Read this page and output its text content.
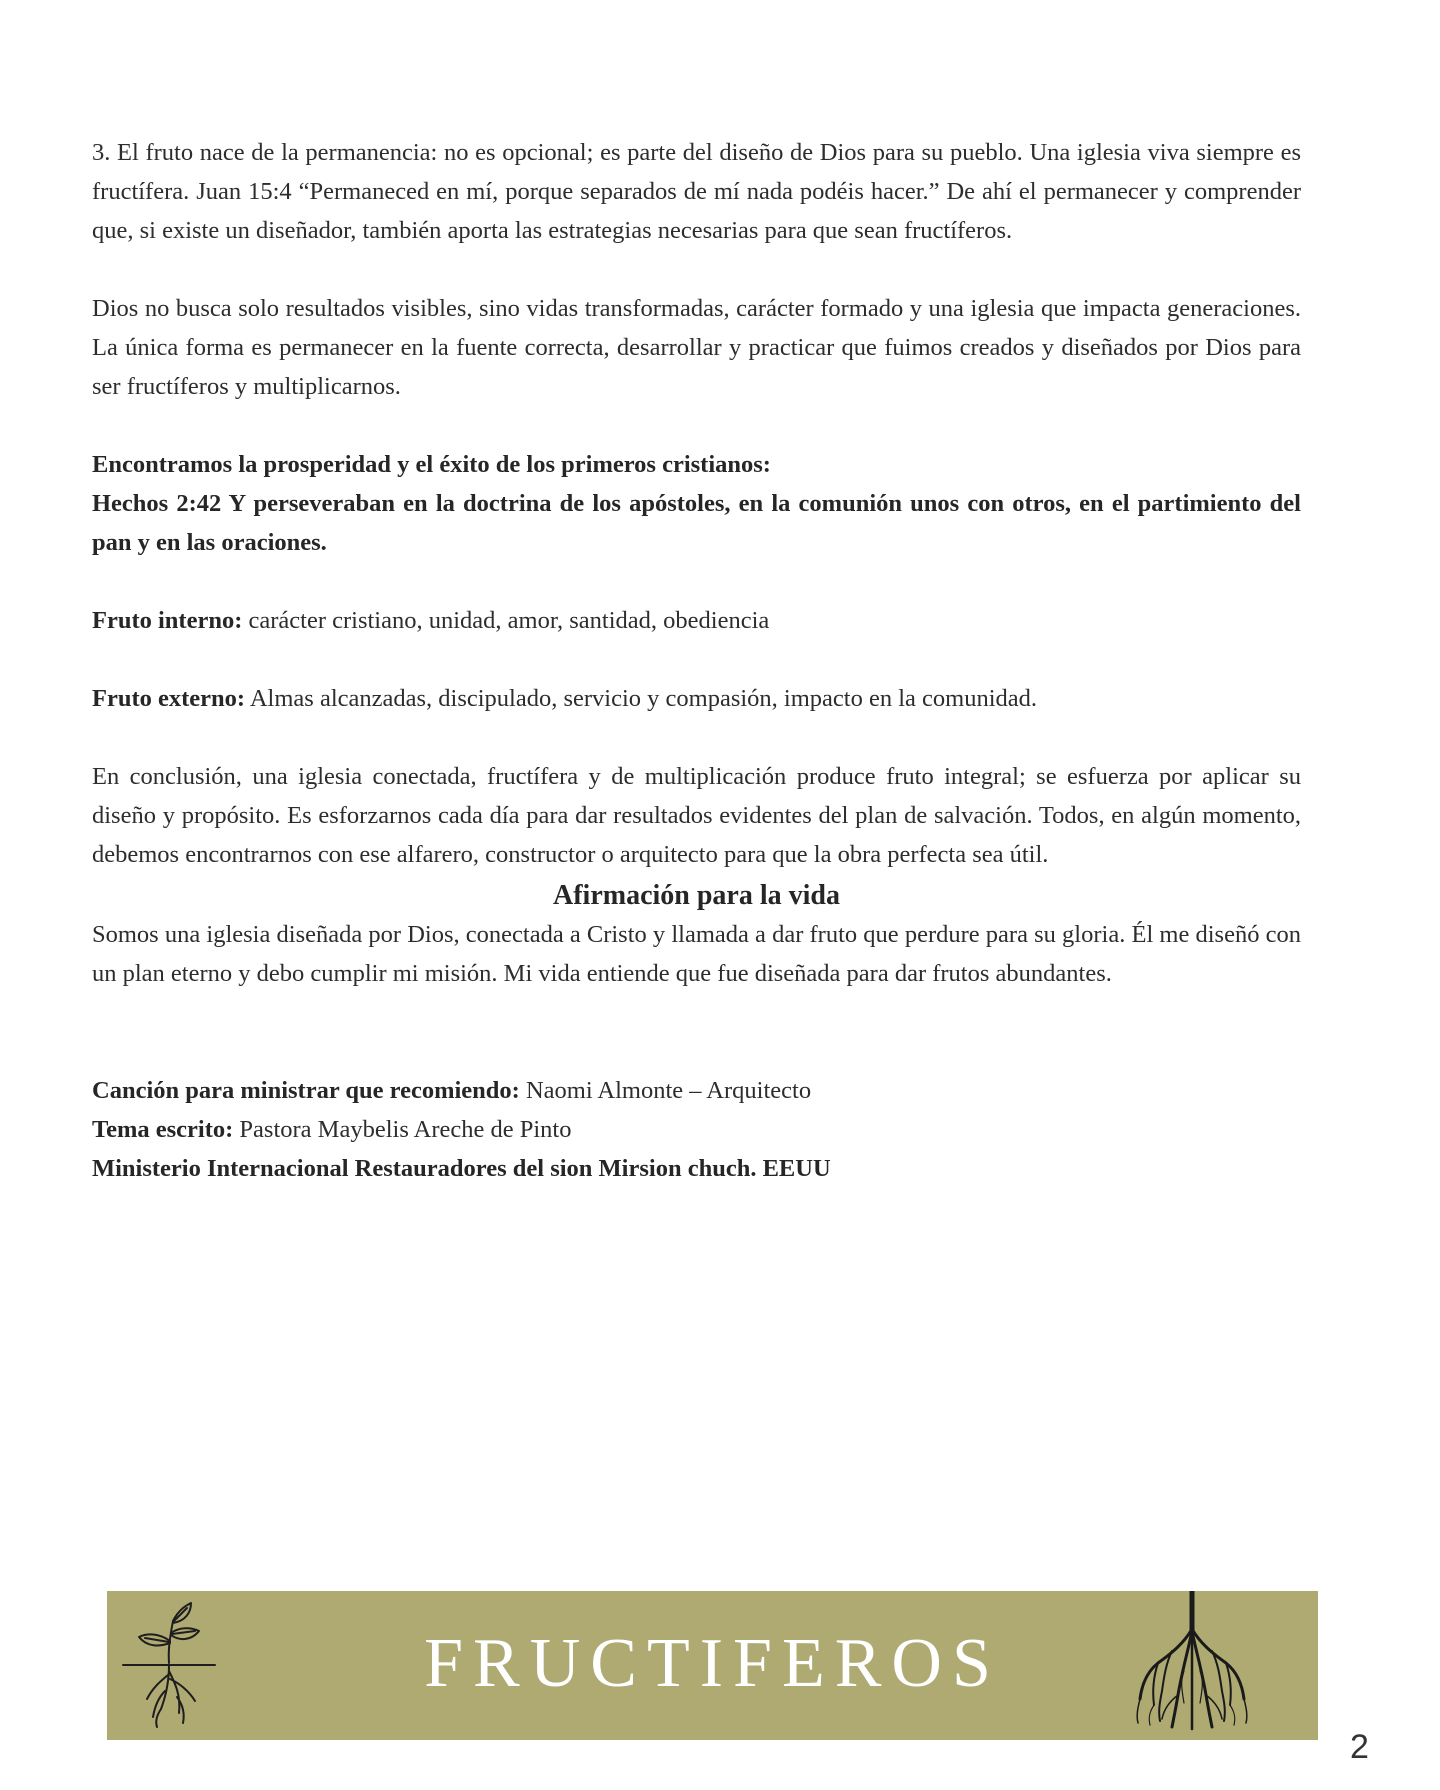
3. El fruto nace de la permanencia: no es opcional; es parte del diseño de Dios para su pueblo. Una iglesia viva siempre es fructífera. Juan 15:4 “Permaneced en mí, porque separados de mí nada podéis hacer.” De ahí el permanecer y comprender que, si existe un diseñador, también aporta las estrategias necesarias para que sean fructíferos.

Dios no busca solo resultados visibles, sino vidas transformadas, carácter formado y una iglesia que impacta generaciones. La única forma es permanecer en la fuente correcta, desarrollar y practicar que fuimos creados y diseñados por Dios para ser fructíferos y multiplicarnos.

Encontramos la prosperidad y el éxito de los primeros cristianos:

Hechos 2:42 Y perseveraban en la doctrina de los apóstoles, en la comunión unos con otros, en el partimiento del pan y en las oraciones.

Fruto interno: carácter cristiano, unidad, amor, santidad, obediencia

Fruto externo: Almas alcanzadas, discipulado, servicio y compasión, impacto en la comunidad.

En conclusión, una iglesia conectada, fructífera y de multiplicación produce fruto integral; se esfuerza por aplicar su diseño y propósito. Es esforzarnos cada día para dar resultados evidentes del plan de salvación. Todos, en algún momento, debemos encontrarnos con ese alfarero, constructor o arquitecto para que la obra perfecta sea útil.

Afirmación para la vida

Somos una iglesia diseñada por Dios, conectada a Cristo y llamada a dar fruto que perdure para su gloria. Él me diseñó con un plan eterno y debo cumplir mi misión. Mi vida entiende que fue diseñada para dar frutos abundantes.

Canción para ministrar que recomiendo: Naomi Almonte – Arquitecto

Tema escrito: Pastora Maybelis Areche de Pinto

Ministerio Internacional Restauradores del sion Mirsion chuch. EEUU

FRUCTIFEROS
2
